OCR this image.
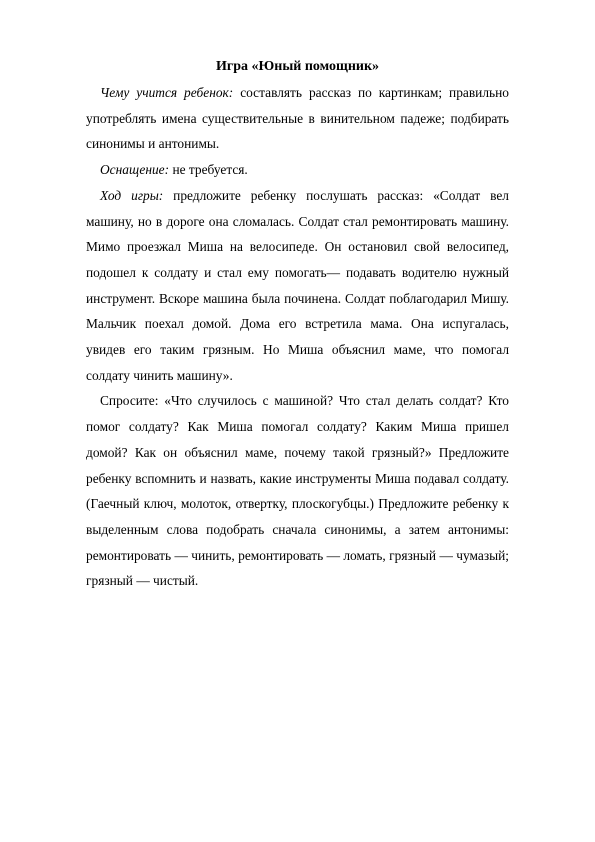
Игра «Юный помощник»

Чему учится ребенок: составлять рассказ по картинкам; правильно употреблять имена существительные в винительном падеже; подбирать синонимы и антонимы.

Оснащение: не требуется.

Ход игры: предложите ребенку послушать рассказ: «Солдат вел машину, но в дороге она сломалась. Солдат стал ремонтировать машину. Мимо проезжал Миша на велосипеде. Он остановил свой велосипед, подошел к солдату и стал ему помогать— подавать водителю нужный инструмент. Вскоре машина была починена. Солдат поблагодарил Мишу. Мальчик поехал домой. Дома его встретила мама. Она испугалась, увидев его таким грязным. Но Миша объяснил маме, что помогал солдату чинить машину».

Спросите: «Что случилось с машиной? Что стал делать солдат? Кто помог солдату? Как Миша помогал солдату? Каким Миша пришел домой? Как он объяснил маме, почему такой грязный?» Предложите ребенку вспомнить и назвать, какие инструменты Миша подавал солдату. (Гаечный ключ, молоток, отвертку, плоскогубцы.) Предложите ребенку к выделенным слова подобрать сначала синонимы, а затем антонимы: ремонтировать — чинить, ремонтировать — ломать, грязный — чумазый; грязный — чистый.
